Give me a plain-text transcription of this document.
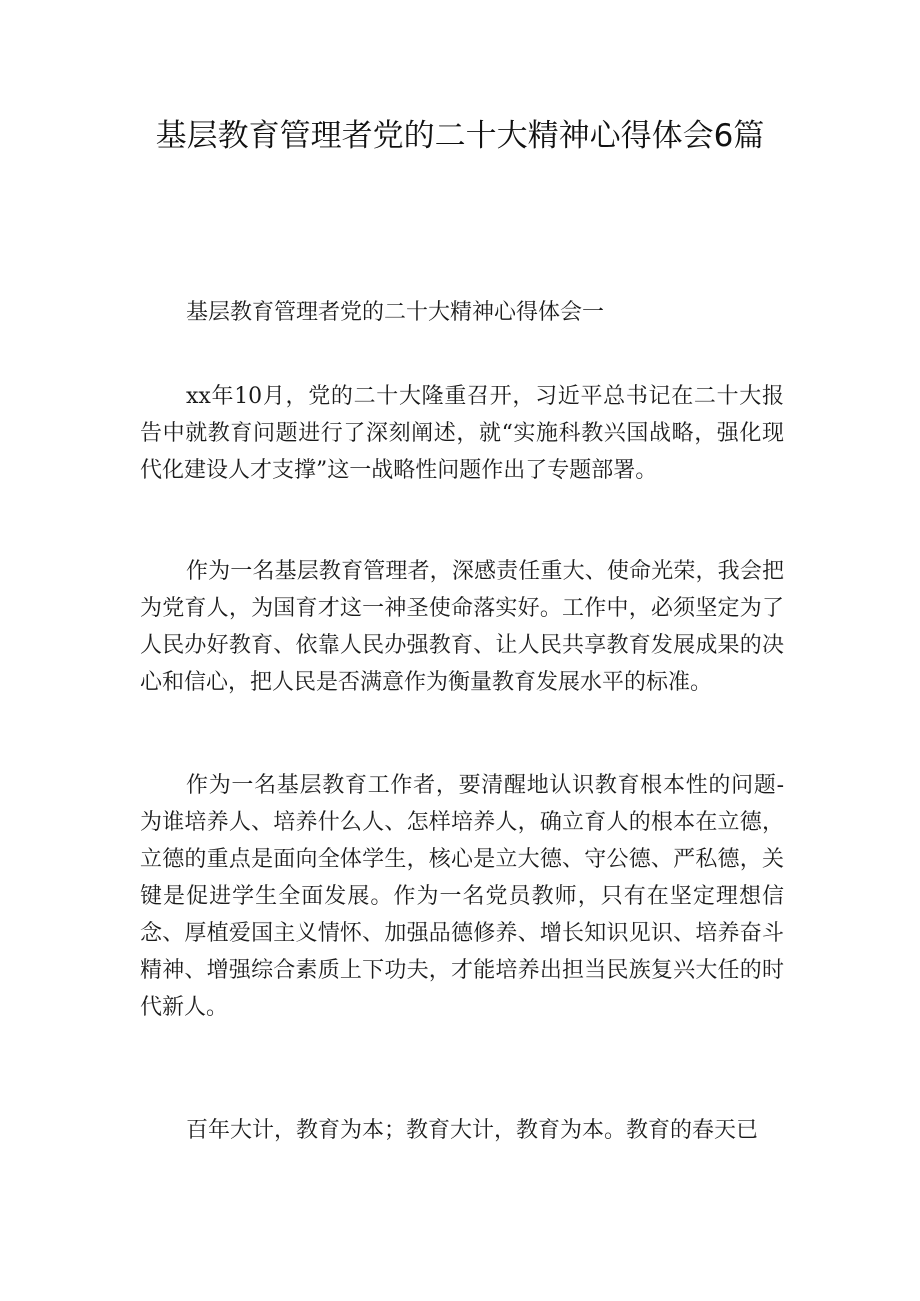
基层教育管理者党的二十大精神心得体会6篇

基层教育管理者党的二十大精神心得体会一

xx年10月，党的二十大隆重召开，习近平总书记在二十大报告中就教育问题进行了深刻阐述，就“实施科教兴国战略，强化现代化建设人才支撑”这一战略性问题作出了专题部署。

作为一名基层教育管理者，深感责任重大、使命光荣，我会把为党育人，为国育才这一神圣使命落实好。工作中，必须坚定为了人民办好教育、依靠人民办强教育、让人民共享教育发展成果的决心和信心，把人民是否满意作为衡量教育发展水平的标准。

作为一名基层教育工作者，要清醒地认识教育根本性的问题-为谁培养人、培养什么人、怎样培养人，确立育人的根本在立德，立德的重点是面向全体学生，核心是立大德、守公德、严私德，关键是促进学生全面发展。作为一名党员教师，只有在坚定理想信念、厚植爱国主义情怀、加强品德修养、增长知识见识、培养奋斗精神、增强综合素质上下功夫，才能培养出担当民族复兴大任的时代新人。

百年大计，教育为本；教育大计，教育为本。教育的春天已
